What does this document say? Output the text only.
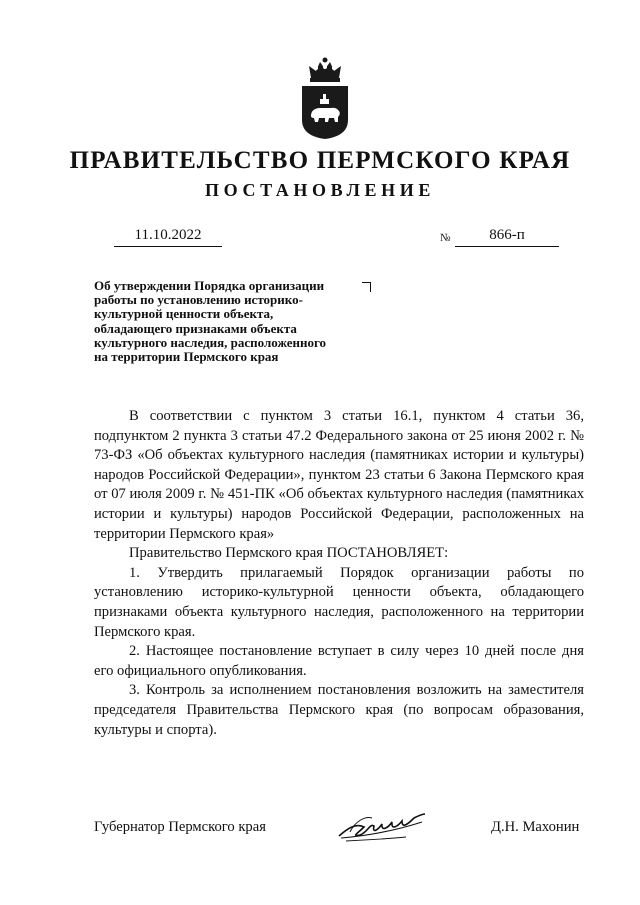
ПРАВИТЕЛЬСТВО ПЕРМСКОГО КРАЯ
ПОСТАНОВЛЕНИЕ
11.10.2022	№	866-п
Об утверждении Порядка организации
работы по установлению историко-
культурной ценности объекта,
обладающего признаками объекта
культурного наследия, расположенного
на территории Пермского края

В соответствии с пунктом 3 статьи 16.1, пунктом 4 статьи 36, подпунктом 2 пункта 3 статьи 47.2 Федерального закона от 25 июня 2002 г. № 73-ФЗ «Об объектах культурного наследия (памятниках истории и культуры) народов Российской Федерации», пунктом 23 статьи 6 Закона Пермского края от 07 июля 2009 г. № 451-ПК «Об объектах культурного наследия (памятниках истории и культуры) народов Российской Федерации, расположенных на территории Пермского края»

Правительство Пермского края ПОСТАНОВЛЯЕТ:

1. Утвердить прилагаемый Порядок организации работы по установлению историко-культурной ценности объекта, обладающего признаками объекта культурного наследия, расположенного на территории Пермского края.

2. Настоящее постановление вступает в силу через 10 дней после дня его официального опубликования.

3. Контроль за исполнением постановления возложить на заместителя председателя Правительства Пермского края (по вопросам образования, культуры и спорта).

Губернатор Пермского края	Д.Н. Махонин
